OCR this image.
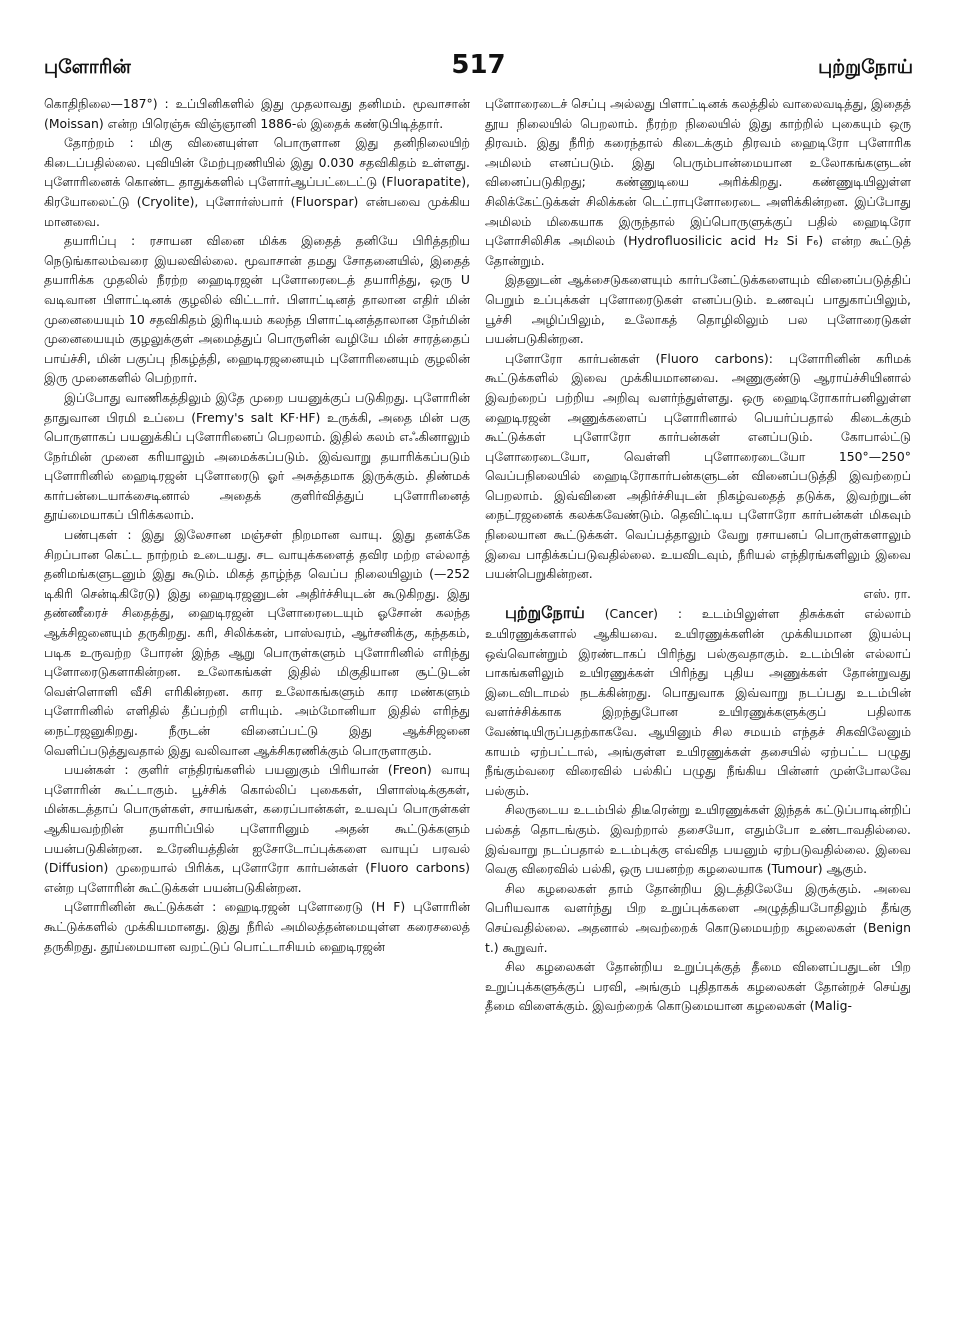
புளோரின்	517	புற்றுநோய்

கொதிநிலை—187°) : உப்பினிகளில் இது முதலாவது தனிமம். மூவாசான் (Moissan) என்ற பிரெஞ்சு விஞ்ஞானி 1886-ல் இதைக் கண்டுபிடித்தார்.

தோற்றம் : மிகு வினையுள்ள பொருளான இது தனிநிலையிற் கிடைப்பதில்லை. புவியின் மேற்புறணியில் இது 0.030 சதவிகிதம் உள்ளது. புளோரினைக் கொண்ட தாதுக்களில் புளோர்ஆப்பட்டைட்டு (Fluorapatite), கிரயோலைட்டு (Cryolite), புளோர்ஸ்பார் (Fluorspar) என்பவை முக்கிய மானவை.

தயாரிப்பு : ரசாயன வினை மிக்க இதைத் தனியே பிரித்தறிய நெடுங்காலம்வரை இயலவில்லை. மூவாசான் தமது சோதனையில், இதைத் தயாரிக்க முதலில் நீரற்ற ஹைடிரஜன் புளோரைடைத் தயாரித்து, ஒரு U வடிவான பிளாட்டினக் குழலில் விட்டார். பிளாட்டினத் தாலான எதிர் மின் முனையையும் 10 சதவிகிதம் இரிடியம் கலந்த பிளாட்டினத்தாலான நேர்மின் முனையையும் குழலுக்குள் அமைத்துப் பொருளின் வழியே மின் சாரத்தைப் பாய்ச்சி, மின் பகுப்பு நிகழ்த்தி, ஹைடிரஜனையும் புளோரினையும் குழலின் இரு முனைகளில் பெற்றார்.

இப்போது வாணிகத்திலும் இதே முறை பயனுக்குப் படுகிறது. புளோரின் தாதுவான பிரமி உப்பை (Fremy's salt KF·HF) உருக்கி, அதை மின் பகு பொருளாகப் பயனுக்கிப் புளோரினைப் பெறலாம். இதில் கலம் எஃகினாலும் நேர்மின் முனை கரியாலும் அமைக்கப்படும். இவ்வாறு தயாரிக்கப்படும் புளோரினில் ஹைடிரஜன் புளோரைடு ஓர் அசுத்தமாக இருக்கும். திண்மக் கார்பன்டையாக்சைடினால் அதைக் குளிர்வித்துப் புளோரினைத் தூய்மையாகப் பிரிக்கலாம்.

பண்புகள் : இது இலேசான மஞ்சள் நிறமான வாயு. இது தனக்கே சிறப்பான கெட்ட நாற்றம் உடையது. சட வாயுக்களைத் தவிர மற்ற எல்லாத் தனிமங்களுடனும் இது கூடும். மிகத் தாழ்ந்த வெப்ப நிலையிலும் (—252 டிகிரி சென்டிகிரேடு) இது ஹைடிரஜனுடன் அதிர்ச்சியுடன் கூடுகிறது. இது தண்ணீரைச் சிதைத்து, ஹைடிரஜன் புளோரைடையும் ஓசோன் கலந்த ஆக்சிஜனையும் தருகிறது. கரி, சிலிக்கன், பாஸ்வரம், ஆர்சனிக்கு, கந்தகம், படிக உருவற்ற போரன் இந்த ஆறு பொருள்களும் புளோரினில் எரிந்து புளோரைடுகளாகின்றன. உலோகங்கள் இதில் மிகுதியான சூட்டுடன் வெள்ளொளி வீசி எரிகின்றன. கார உலோகங்களும் கார மண்களும் புளோரினில் எளிதில் தீப்பற்றி எரியும். அம்மோனியா இதில் எரிந்து நைட்ரஜனுகிறது. நீருடன் வினைப்பட்டு இது ஆக்சிஜனை வெளிப்படுத்துவதால் இது வலிவான ஆக்சிகரணிக்கும் பொருளாகும்.

பயன்கள் : குளிர் எந்திரங்களில் பயனுகும் பிரியான் (Freon) வாயு புளோரின் கூட்டாகும். பூச்சிக் கொல்லிப் புகைகள், பிளாஸ்டிக்குகள், மின்கடத்தாப் பொருள்கள், சாயங்கள், கரைப்பான்கள், உயவுப் பொருள்கள் ஆகியவற்றின் தயாரிப்பில் புளோரினும் அதன் கூட்டுக்களும் பயன்படுகின்றன. உரேனியத்தின் ஐசோடோப்புக்களை வாயுப் பரவல் (Diffusion) முறையால் பிரிக்க, புளோரோ கார்பன்கள் (Fluoro carbons) என்ற புளோரின் கூட்டுக்கள் பயன்படுகின்றன.

புளோரினின் கூட்டுக்கள் : ஹைடிரஜன் புளோரைடு (H F) புளோரின் கூட்டுக்களில் முக்கியமானது. இது நீரில் அமிலத்தன்மையுள்ள கரைசலைத் தருகிறது. தூய்மையான வறட்டுப் பொட்டாசியம் ஹைடிரஜன்

புளோரைடைச் செப்பு அல்லது பிளாட்டினக் கலத்தில் வாலைவடித்து, இதைத் தூய நிலையில் பெறலாம். நீரற்ற நிலையில் இது காற்றில் புகையும் ஒரு திரவம். இது நீரிற் கரைந்தால் கிடைக்கும் திரவம் ஹைடிரோ புளோரிக அமிலம் எனப்படும். இது பெரும்பான்மையான உலோகங்களுடன் வினைப்படுகிறது; கண்ணுடியை அரிக்கிறது. கண்ணுடியிலுள்ள சிலிக்கேட்டுக்கள் சிலிக்கன் டெட்ராபுளோரைடை அளிக்கின்றன. இப்போது அமிலம் மிகையாக இருந்தால் இப்பொருளுக்குப் பதில் ஹைடிரோ புளோசிலிசிக அமிலம் (Hydrofluosilicic acid H₂ Si F₆) என்ற கூட்டுத் தோன்றும்.

இதனுடன் ஆக்சைடுகளையும் கார்பனேட்டுக்களையும் வினைப்படுத்திப் பெறும் உப்புக்கள் புளோரைடுகள் எனப்படும். உணவுப் பாதுகாப்பிலும், பூச்சி அழிப்பிலும், உலோகத் தொழிலிலும் பல புளோரைடுகள் பயன்படுகின்றன.

புளோரோ கார்பன்கள் (Fluoro carbons): புளோரினின் கரிமக் கூட்டுக்களில் இவை முக்கியமானவை. அணுகுண்டு ஆராய்ச்சியினால் இவற்றைப் பற்றிய அறிவு வளர்ந்துள்ளது. ஒரு ஹைடிரோகார்பனிலுள்ள ஹைடிரஜன் அணுக்களைப் புளோரினால் பெயர்ப்பதால் கிடைக்கும் கூட்டுக்கள் புளோரோ கார்பன்கள் எனப்படும். கோபால்ட்டு புளோரைடையோ, வெள்ளி புளோரைடையோ 150°—250° வெப்பநிலையில் ஹைடிரோகார்பன்களுடன் வினைப்படுத்தி இவற்றைப் பெறலாம். இவ்வினை அதிர்ச்சியுடன் நிகழ்வதைத் தடுக்க, இவற்றுடன் நைட்ரஜனைக் கலக்கவேண்டும். தெவிட்டிய புளோரோ கார்பன்கள் மிகவும் நிலையான கூட்டுக்கள். வெப்பத்தாலும் வேறு ரசாயனப் பொருள்களாலும் இவை பாதிக்கப்படுவதில்லை. உயவிடவும், நீரியல் எந்திரங்களிலும் இவை பயன்பெறுகின்றன.

எஸ். ரா.

புற்றுநோய் (Cancer) : உடம்பிலுள்ள திசுக்கள் எல்லாம் உயிரணுக்களால் ஆகியவை. உயிரணுக்களின் முக்கியமான இயல்பு ஒவ்வொன்றும் இரண்டாகப் பிரிந்து பல்குவதாகும். உடம்பின் எல்லாப் பாகங்களிலும் உயிரணுக்கள் பிரிந்து புதிய அணுக்கள் தோன்றுவது இடைவிடாமல் நடக்கின்றது. பொதுவாக இவ்வாறு நடப்பது உடம்பின் வளர்ச்சிக்காக இறந்துபோன உயிரணுக்களுக்குப் பதிலாக வேண்டியிருப்பதற்காகவே. ஆயினும் சில சமயம் எந்தச் சிகவிலேனும் காயம் ஏற்பட்டால், அங்குள்ள உயிரணுக்கள் தசையில் ஏற்பட்ட பழுது நீங்கும்வரை விரைவில் பல்கிப் பழுது நீங்கிய பின்னர் முன்போலவே பல்கும்.

சிலருடைய உடம்பில் திடீரென்று உயிரணுக்கள் இந்தக் கட்டுப்பாடின்றிப் பல்கத் தொடங்கும். இவற்றால் தசையோ, எதும்போ உண்டாவதில்லை. இவ்வாறு நடப்பதால் உடம்புக்கு எவ்வித பயனும் ஏற்படுவதில்லை. இவை வெகு விரைவில் பல்கி, ஒரு பயனற்ற கழலையாக (Tumour) ஆகும்.

சில கழலைகள் தாம் தோன்றிய இடத்திலேயே இருக்கும். அவை பெரியவாக வளர்ந்து பிற உறுப்புக்களை அழுத்தியபோதிலும் தீங்கு செய்வதில்லை. அதனால் அவற்றைக் கொடுமையற்ற கழலைகள் (Benign t.) கூறுவர்.

சில கழலைகள் தோன்றிய உறுப்புக்குத் தீமை விளைப்பதுடன் பிற உறுப்புக்களுக்குப் பரவி, அங்கும் புதிதாகக் கழலைகள் தோன்றச் செய்து தீமை விளைக்கும். இவற்றைக் கொடுமையான கழலைகள் (Malig-
